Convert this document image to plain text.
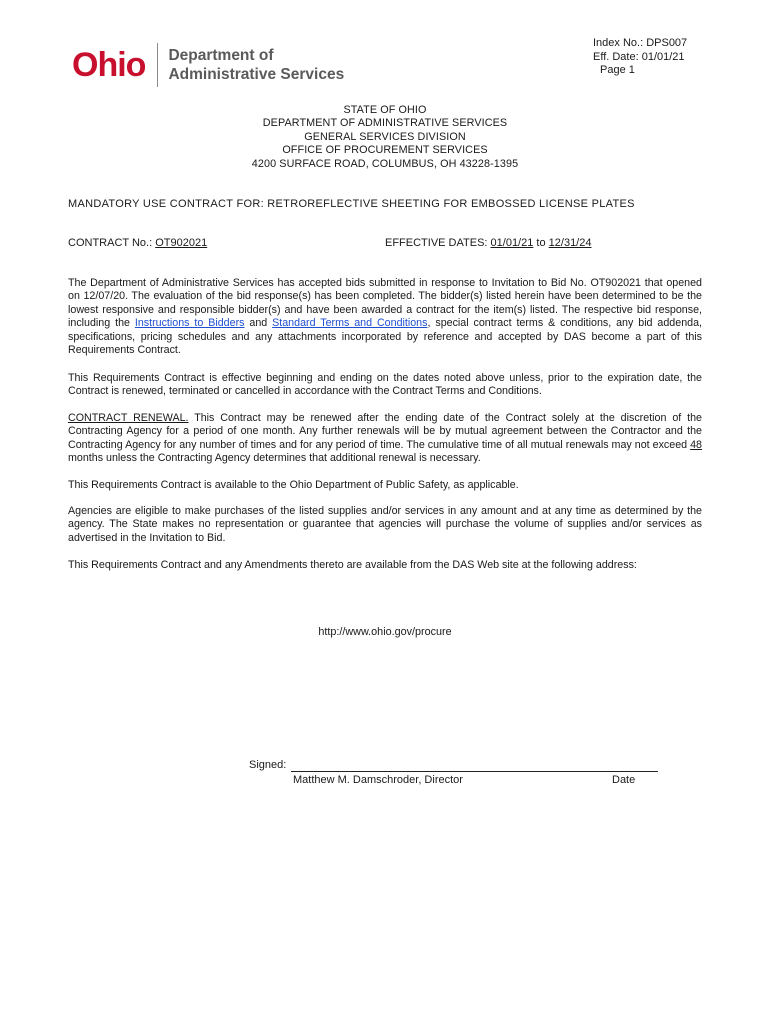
Ohio Department of
Administrative Services
Index No.: DPS007
Eff. Date: 01/01/21
Page 1
STATE OF OHIO
DEPARTMENT OF ADMINISTRATIVE SERVICES
GENERAL SERVICES DIVISION
OFFICE OF PROCUREMENT SERVICES
4200 SURFACE ROAD, COLUMBUS, OH 43228-1395
MANDATORY USE CONTRACT FOR: RETROREFLECTIVE SHEETING FOR EMBOSSED LICENSE PLATES
CONTRACT No.: OT902021	EFFECTIVE DATES: 01/01/21 to 12/31/24
The Department of Administrative Services has accepted bids submitted in response to Invitation to Bid No. OT902021 that opened on 12/07/20. The evaluation of the bid response(s) has been completed. The bidder(s) listed herein have been determined to be the lowest responsive and responsible bidder(s) and have been awarded a contract for the item(s) listed. The respective bid response, including the Instructions to Bidders and Standard Terms and Conditions, special contract terms & conditions, any bid addenda, specifications, pricing schedules and any attachments incorporated by reference and accepted by DAS become a part of this Requirements Contract.
This Requirements Contract is effective beginning and ending on the dates noted above unless, prior to the expiration date, the Contract is renewed, terminated or cancelled in accordance with the Contract Terms and Conditions.
CONTRACT RENEWAL. This Contract may be renewed after the ending date of the Contract solely at the discretion of the Contracting Agency for a period of one month. Any further renewals will be by mutual agreement between the Contractor and the Contracting Agency for any number of times and for any period of time. The cumulative time of all mutual renewals may not exceed 48 months unless the Contracting Agency determines that additional renewal is necessary.
This Requirements Contract is available to the Ohio Department of Public Safety, as applicable.
Agencies are eligible to make purchases of the listed supplies and/or services in any amount and at any time as determined by the agency. The State makes no representation or guarantee that agencies will purchase the volume of supplies and/or services as advertised in the Invitation to Bid.
This Requirements Contract and any Amendments thereto are available from the DAS Web site at the following address:
http://www.ohio.gov/procure
Signed:
Matthew M. Damschroder, Director	Date
